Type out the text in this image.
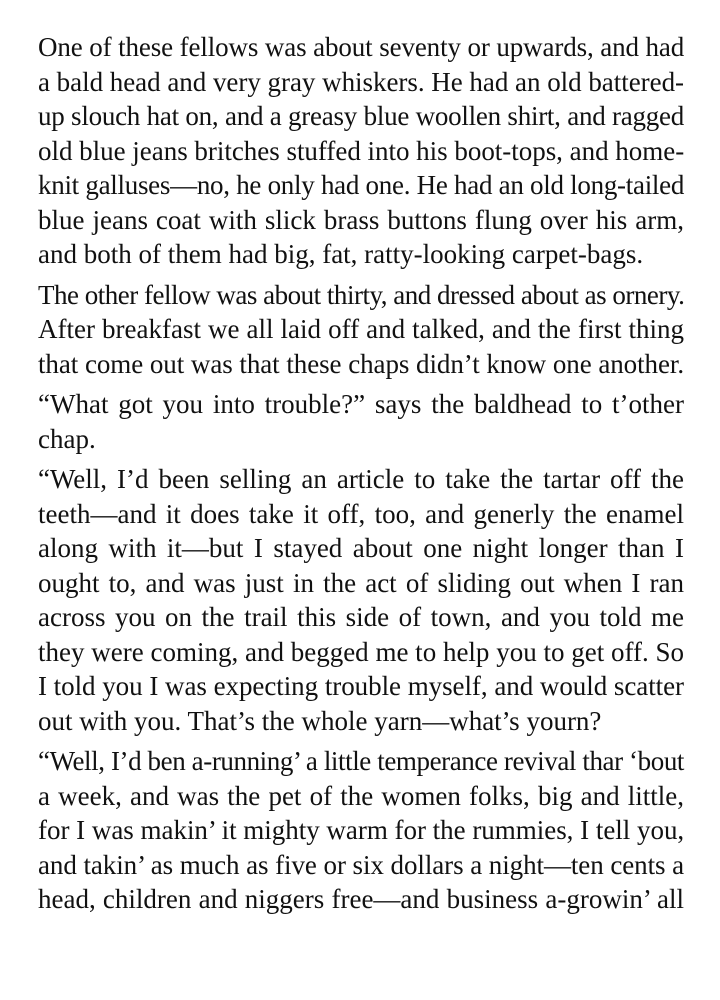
One of these fellows was about seventy or upwards, and had
a bald head and very gray whiskers. He had an old battered-
up slouch hat on, and a greasy blue woollen shirt, and ragged
old blue jeans britches stuffed into his boot-tops, and home-
knit galluses—no, he only had one. He had an old long-tailed
blue jeans coat with slick brass buttons flung over his arm,
and both of them had big, fat, ratty-looking carpet-bags.

The other fellow was about thirty, and dressed about as ornery.
After breakfast we all laid off and talked, and the first thing
that come out was that these chaps didn’t know one another.

“What got you into trouble?” says the baldhead to t’other
chap.

“Well, I’d been selling an article to take the tartar off the
teeth—and it does take it off, too, and generly the enamel
along with it—but I stayed about one night longer than I
ought to, and was just in the act of sliding out when I ran
across you on the trail this side of town, and you told me
they were coming, and begged me to help you to get off. So
I told you I was expecting trouble myself, and would scatter
out with you. That’s the whole yarn—what’s yourn?

“Well, I’d ben a-running’ a little temperance revival thar ‘bout
a week, and was the pet of the women folks, big and little,
for I was makin’ it mighty warm for the rummies, I tell you,
and takin’ as much as five or six dollars a night—ten cents a
head, children and niggers free—and business a-growin’ all
